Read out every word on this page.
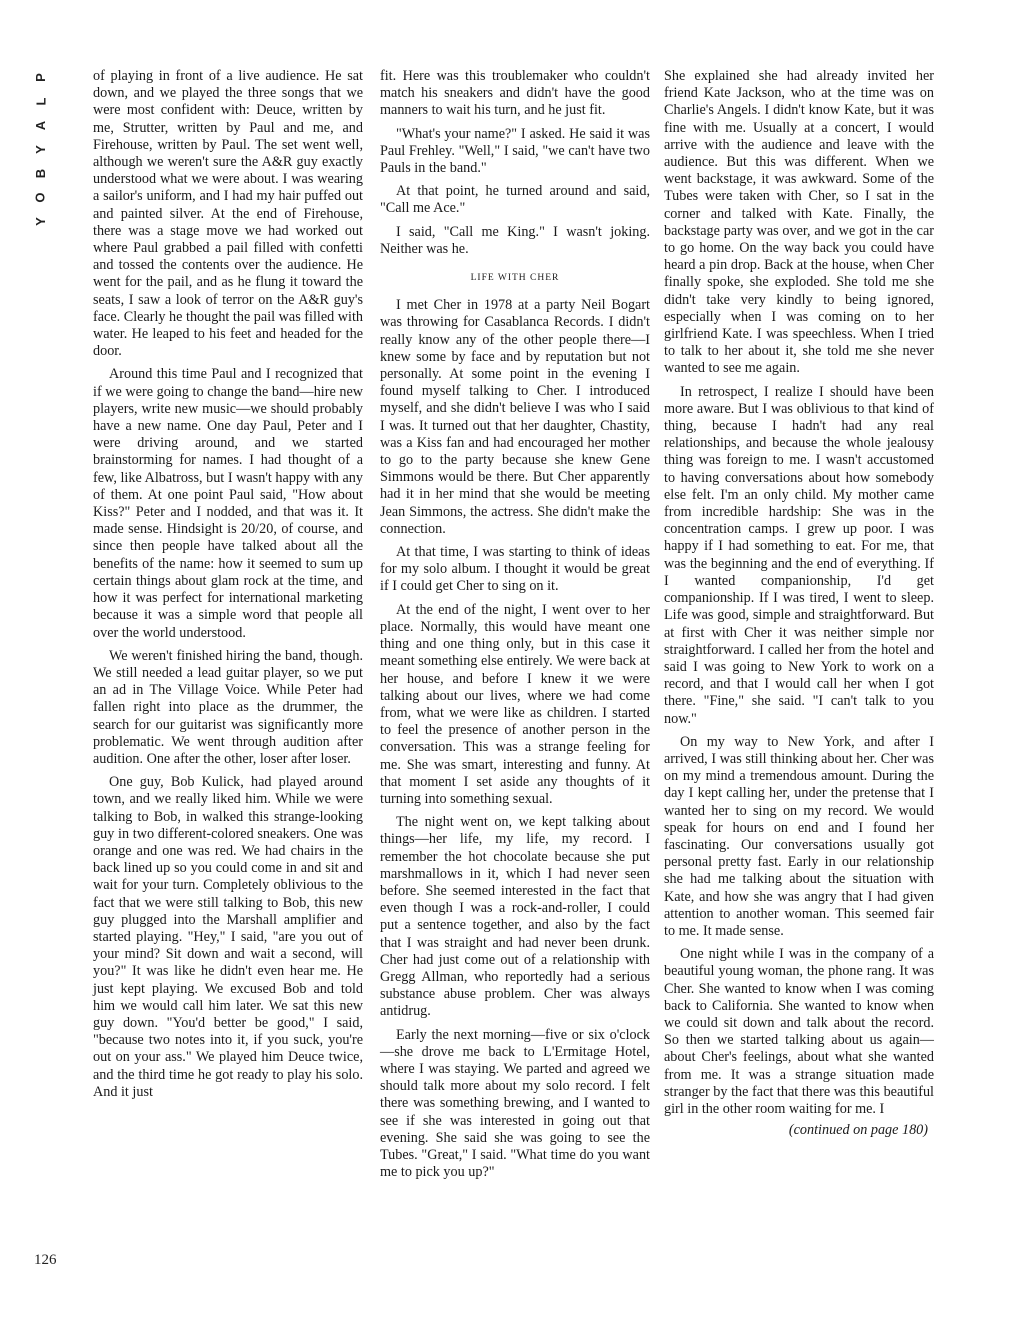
P
L
A
Y
B
O
Y

of playing in front of a live audience. He sat down, and we played the three songs that we were most confident with: Deuce, written by me, Strutter, written by Paul and me, and Firehouse, written by Paul. The set went well, although we weren't sure the A&R guy exactly understood what we were about. I was wearing a sailor's uniform, and I had my hair puffed out and painted silver. At the end of Firehouse, there was a stage move we had worked out where Paul grabbed a pail filled with confetti and tossed the contents over the audience. He went for the pail, and as he flung it toward the seats, I saw a look of terror on the A&R guy's face. Clearly he thought the pail was filled with water. He leaped to his feet and headed for the door.

Around this time Paul and I recognized that if we were going to change the band—hire new players, write new music—we should probably have a new name. One day Paul, Peter and I were driving around, and we started brainstorming for names. I had thought of a few, like Albatross, but I wasn't happy with any of them. At one point Paul said, "How about Kiss?" Peter and I nodded, and that was it. It made sense. Hindsight is 20/20, of course, and since then people have talked about all the benefits of the name: how it seemed to sum up certain things about glam rock at the time, and how it was perfect for international marketing because it was a simple word that people all over the world understood.

We weren't finished hiring the band, though. We still needed a lead guitar player, so we put an ad in The Village Voice. While Peter had fallen right into place as the drummer, the search for our guitarist was significantly more problematic. We went through audition after audition. One after the other, loser after loser.

One guy, Bob Kulick, had played around town, and we really liked him. While we were talking to Bob, in walked this strange-looking guy in two different-colored sneakers. One was orange and one was red. We had chairs in the back lined up so you could come in and sit and wait for your turn. Completely oblivious to the fact that we were still talking to Bob, this new guy plugged into the Marshall amplifier and started playing. "Hey," I said, "are you out of your mind? Sit down and wait a second, will you?" It was like he didn't even hear me. He just kept playing. We excused Bob and told him we would call him later. We sat this new guy down. "You'd better be good," I said, "because two notes into it, if you suck, you're out on your ass." We played him Deuce twice, and the third time he got ready to play his solo. And it just

fit. Here was this troublemaker who couldn't match his sneakers and didn't have the good manners to wait his turn, and he just fit.

"What's your name?" I asked. He said it was Paul Frehley. "Well," I said, "we can't have two Pauls in the band."

At that point, he turned around and said, "Call me Ace."

I said, "Call me King." I wasn't joking. Neither was he.

LIFE WITH CHER

I met Cher in 1978 at a party Neil Bogart was throwing for Casablanca Records. I didn't really know any of the other people there—I knew some by face and by reputation but not personally. At some point in the evening I found myself talking to Cher. I introduced myself, and she didn't believe I was who I said I was. It turned out that her daughter, Chastity, was a Kiss fan and had encouraged her mother to go to the party because she knew Gene Simmons would be there. But Cher apparently had it in her mind that she would be meeting Jean Simmons, the actress. She didn't make the connection.

At that time, I was starting to think of ideas for my solo album. I thought it would be great if I could get Cher to sing on it.

At the end of the night, I went over to her place. Normally, this would have meant one thing and one thing only, but in this case it meant something else entirely. We were back at her house, and before I knew it we were talking about our lives, where we had come from, what we were like as children. I started to feel the presence of another person in the conversation. This was a strange feeling for me. She was smart, interesting and funny. At that moment I set aside any thoughts of it turning into something sexual.

The night went on, we kept talking about things—her life, my life, my record. I remember the hot chocolate because she put marshmallows in it, which I had never seen before. She seemed interested in the fact that even though I was a rock-and-roller, I could put a sentence together, and also by the fact that I was straight and had never been drunk. Cher had just come out of a relationship with Gregg Allman, who reportedly had a serious substance abuse problem. Cher was always antidrug.

Early the next morning—five or six o'clock—she drove me back to L'Ermitage Hotel, where I was staying. We parted and agreed we should talk more about my solo record. I felt there was something brewing, and I wanted to see if she was interested in going out that evening. She said she was going to see the Tubes. "Great," I said. "What time do you want me to pick you up?"

She explained she had already invited her friend Kate Jackson, who at the time was on Charlie's Angels. I didn't know Kate, but it was fine with me. Usually at a concert, I would arrive with the audience and leave with the audience. But this was different. When we went backstage, it was awkward. Some of the Tubes were taken with Cher, so I sat in the corner and talked with Kate. Finally, the backstage party was over, and we got in the car to go home. On the way back you could have heard a pin drop. Back at the house, when Cher finally spoke, she exploded. She told me she didn't take very kindly to being ignored, especially when I was coming on to her girlfriend Kate. I was speechless. When I tried to talk to her about it, she told me she never wanted to see me again.

In retrospect, I realize I should have been more aware. But I was oblivious to that kind of thing, because I hadn't had any real relationships, and because the whole jealousy thing was foreign to me. I wasn't accustomed to having conversations about how somebody else felt. I'm an only child. My mother came from incredible hardship: She was in the concentration camps. I grew up poor. I was happy if I had something to eat. For me, that was the beginning and the end of everything. If I wanted companionship, I'd get companionship. If I was tired, I went to sleep. Life was good, simple and straightforward. But at first with Cher it was neither simple nor straightforward. I called her from the hotel and said I was going to New York to work on a record, and that I would call her when I got there. "Fine," she said. "I can't talk to you now."

On my way to New York, and after I arrived, I was still thinking about her. Cher was on my mind a tremendous amount. During the day I kept calling her, under the pretense that I wanted her to sing on my record. We would speak for hours on end and I found her fascinating. Our conversations usually got personal pretty fast. Early in our relationship she had me talking about the situation with Kate, and how she was angry that I had given attention to another woman. This seemed fair to me. It made sense.

One night while I was in the company of a beautiful young woman, the phone rang. It was Cher. She wanted to know when I was coming back to California. She wanted to know when we could sit down and talk about the record. So then we started talking about us again—about Cher's feelings, about what she wanted from me. It was a strange situation made stranger by the fact that there was this beautiful girl in the other room waiting for me. I

(continued on page 180)
126
